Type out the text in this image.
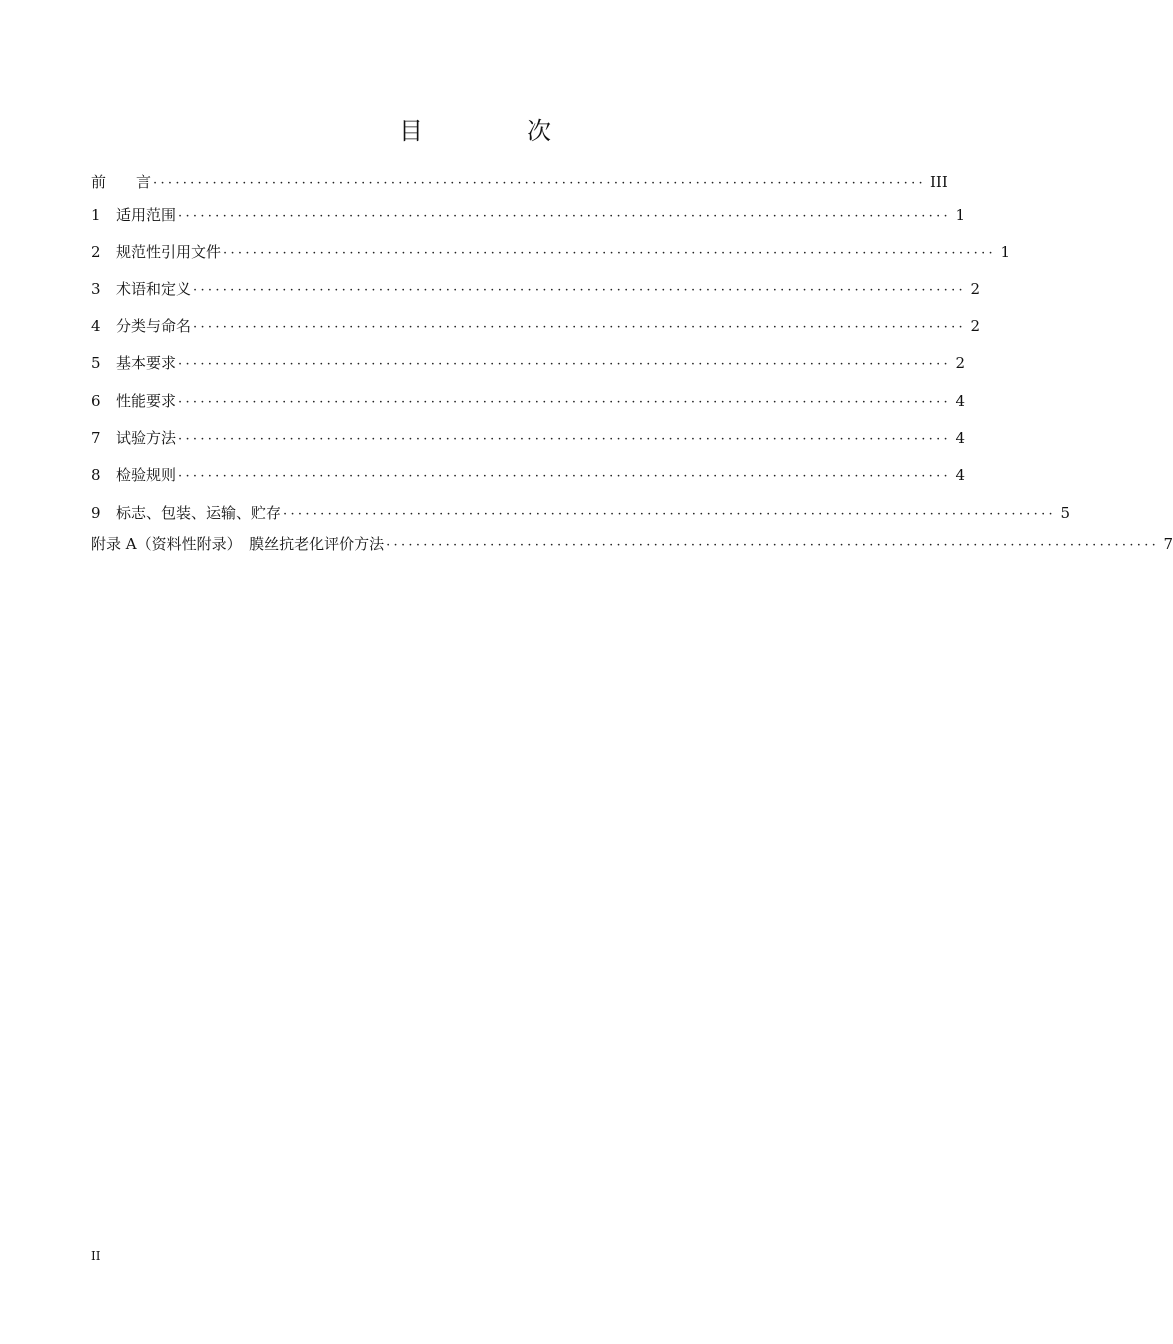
目　次
前　　言 ········································································································ III
1 适用范围 ········································································································ 1
2 规范性引用文件 ········································································································ 1
3 术语和定义 ········································································································ 2
4 分类与命名 ········································································································ 2
5 基本要求 ········································································································ 2
6 性能要求 ········································································································ 4
7 试验方法 ········································································································ 4
8 检验规则 ········································································································ 4
9 标志、包装、运输、贮存 ········································································································ 5
附录 A（资料性附录）　膜丝抗老化评价方法 ········································································································ 7
II
